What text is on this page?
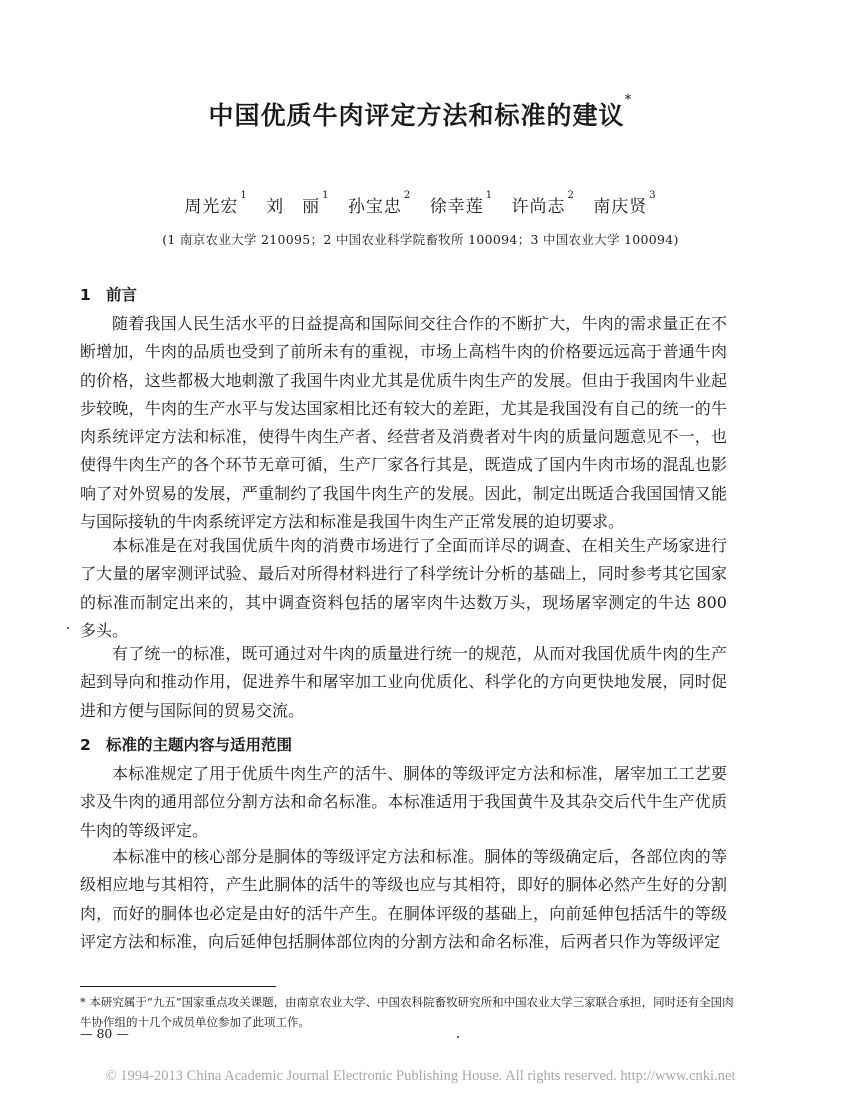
中国优质牛肉评定方法和标准的建议*
周光宏$^1$ 刘　丽$^1$ 孙宝忠$^2$ 徐幸莲$^1$ 许尚志$^2$ 南庆贤$^3$
(1 南京农业大学 210095；2 中国农业科学院畜牧所 100094；3 中国农业大学 100094)
1 前言

随着我国人民生活水平的日益提高和国际间交往合作的不断扩大，牛肉的需求量正在不断增加，牛肉的品质也受到了前所未有的重视，市场上高档牛肉的价格要远远高于普通牛肉的价格，这些都极大地刺激了我国牛肉业尤其是优质牛肉生产的发展。但由于我国肉牛业起步较晚，牛肉的生产水平与发达国家相比还有较大的差距，尤其是我国没有自己的统一的牛肉系统评定方法和标准，使得牛肉生产者、经营者及消费者对牛肉的质量问题意见不一，也使得牛肉生产的各个环节无章可循，生产厂家各行其是，既造成了国内牛肉市场的混乱也影响了对外贸易的发展，严重制约了我国牛肉生产的发展。因此，制定出既适合我国国情又能与国际接轨的牛肉系统评定方法和标准是我国牛肉生产正常发展的迫切要求。

本标准是在对我国优质牛肉的消费市场进行了全面而详尽的调查、在相关生产场家进行了大量的屠宰测评试验、最后对所得材料进行了科学统计分析的基础上，同时参考其它国家的标准而制定出来的，其中调查资料包括的屠宰肉牛达数万头，现场屠宰测定的牛达 800 多头。

有了统一的标准，既可通过对牛肉的质量进行统一的规范，从而对我国优质牛肉的生产起到导向和推动作用，促进养牛和屠宰加工业向优质化、科学化的方向更快地发展，同时促进和方便与国际间的贸易交流。

2 标准的主题内容与适用范围

本标准规定了用于优质牛肉生产的活牛、胴体的等级评定方法和标准，屠宰加工工艺要求及牛肉的通用部位分割方法和命名标准。本标准适用于我国黄牛及其杂交后代牛生产优质牛肉的等级评定。

本标准中的核心部分是胴体的等级评定方法和标准。胴体的等级确定后，各部位肉的等级相应地与其相符，产生此胴体的活牛的等级也应与其相符，即好的胴体必然产生好的分割肉，而好的胴体也必定是由好的活牛产生。在胴体评级的基础上，向前延伸包括活牛的等级评定方法和标准，向后延伸包括胴体部位肉的分割方法和命名标准，后两者只作为等级评定

* 本研究属于“九五”国家重点攻关课题，由南京农业大学、中国农科院畜牧研究所和中国农业大学三家联合承担，同时还有全国肉牛协作组的十几个成员单位参加了此项工作。
— 80 —
© 1994-2013 China Academic Journal Electronic Publishing House. All rights reserved. http://www.cnki.net
